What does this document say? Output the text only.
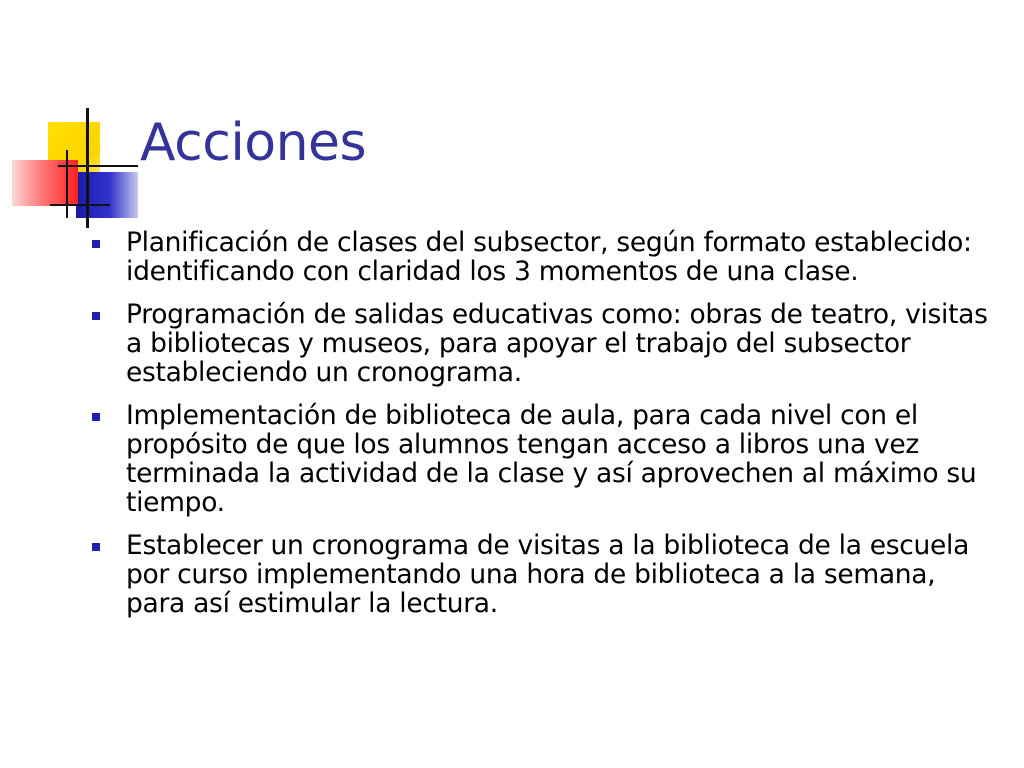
Acciones
Planificación de clases del subsector, según formato establecido: identificando con claridad los 3 momentos de una clase.
Programación de salidas educativas como: obras de teatro, visitas a bibliotecas y museos, para apoyar el trabajo del subsector estableciendo un cronograma.
Implementación de biblioteca de aula, para cada nivel con el propósito de que los alumnos tengan acceso a libros una vez terminada la actividad de la clase y así aprovechen al máximo su tiempo.
Establecer un cronograma de visitas a la biblioteca de la escuela por curso implementando una hora de biblioteca a la semana, para así estimular la lectura.
